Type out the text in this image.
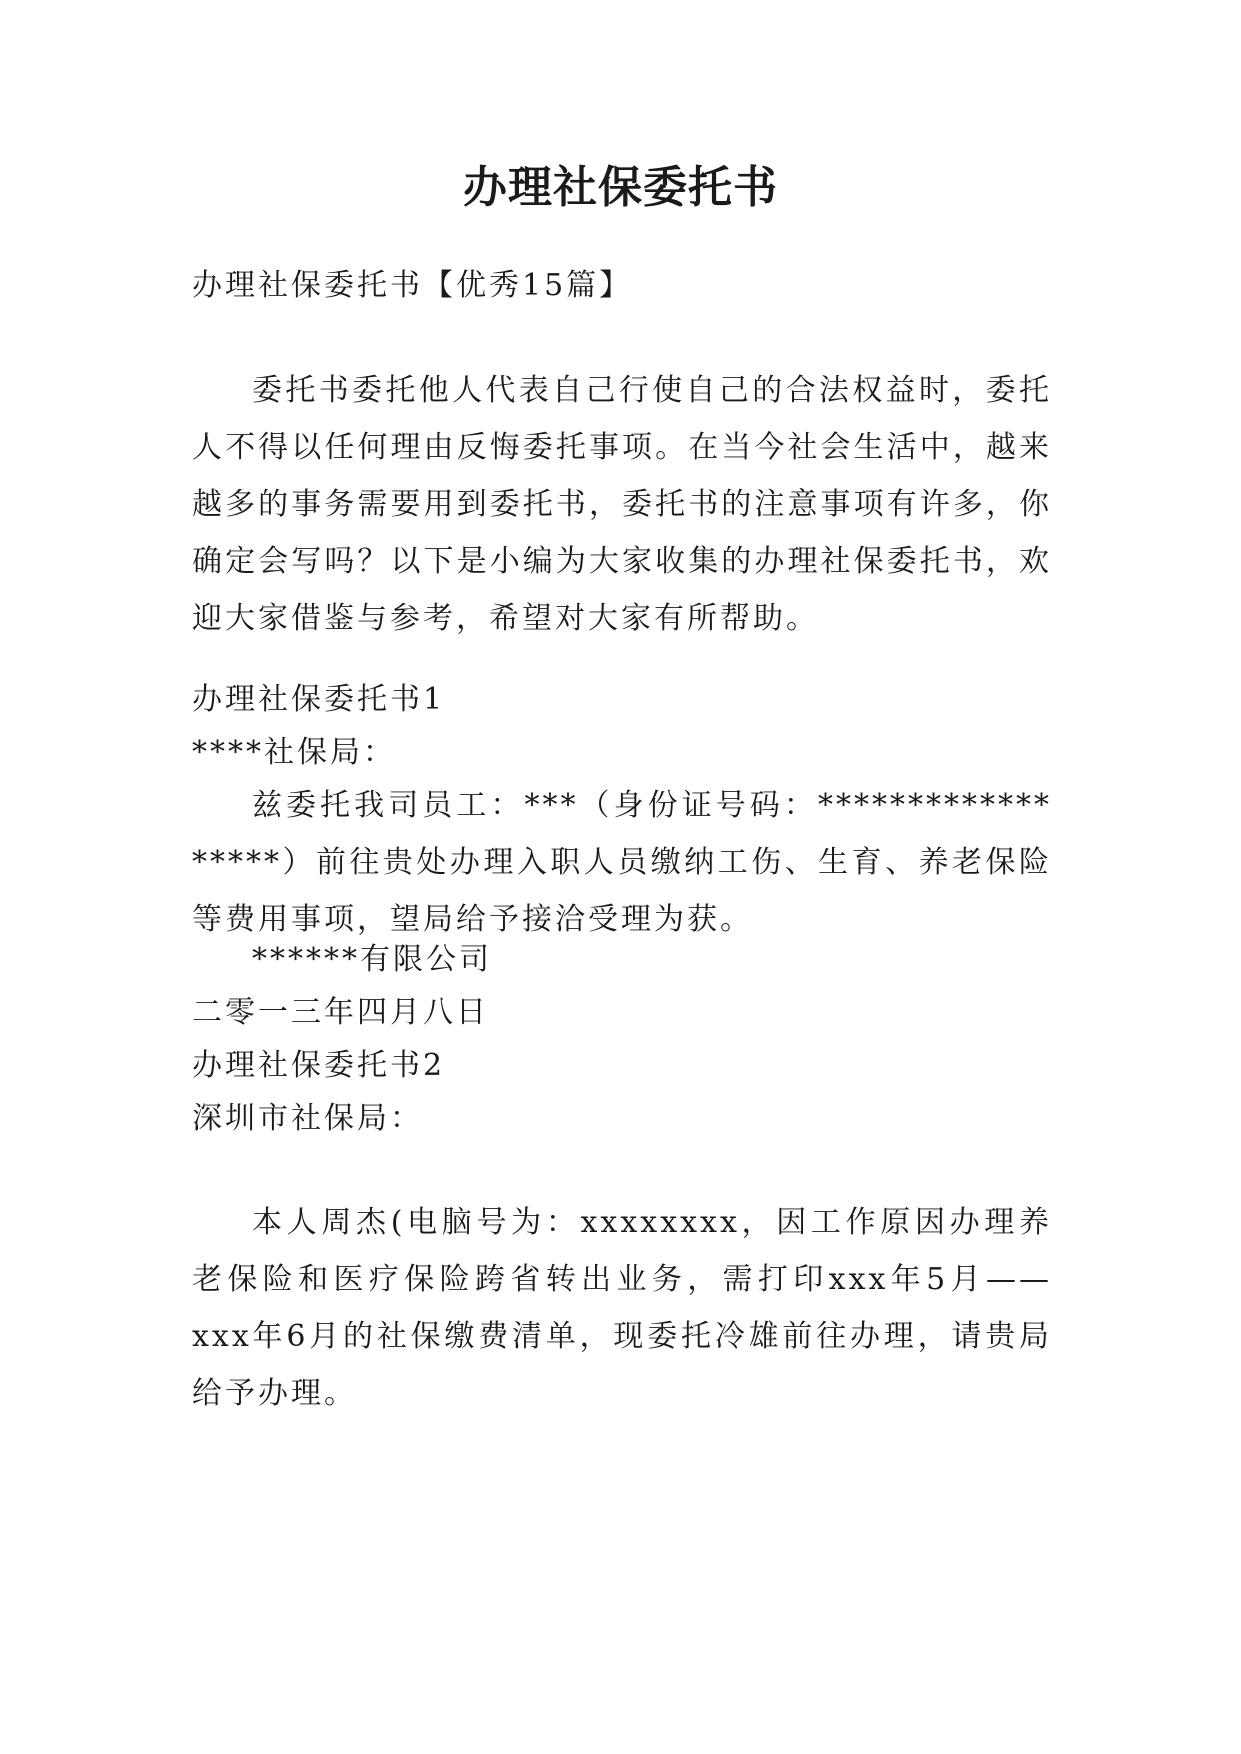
办理社保委托书

办理社保委托书【优秀15篇】

委托书委托他人代表自己行使自己的合法权益时，委托人不得以任何理由反悔委托事项。在当今社会生活中，越来越多的事务需要用到委托书，委托书的注意事项有许多，你确定会写吗？以下是小编为大家收集的办理社保委托书，欢迎大家借鉴与参考，希望对大家有所帮助。

办理社保委托书1

****社保局：

兹委托我司员工：***（身份证号码：******************）前往贵处办理入职人员缴纳工伤、生育、养老保险等费用事项，望局给予接洽受理为获。

******有限公司

二零一三年四月八日

办理社保委托书2

深圳市社保局：

本人周杰(电脑号为：xxxxxxxx，因工作原因办理养老保险和医疗保险跨省转出业务，需打印xxx年5月——xxx年6月的社保缴费清单，现委托冷雄前往办理，请贵局给予办理。
